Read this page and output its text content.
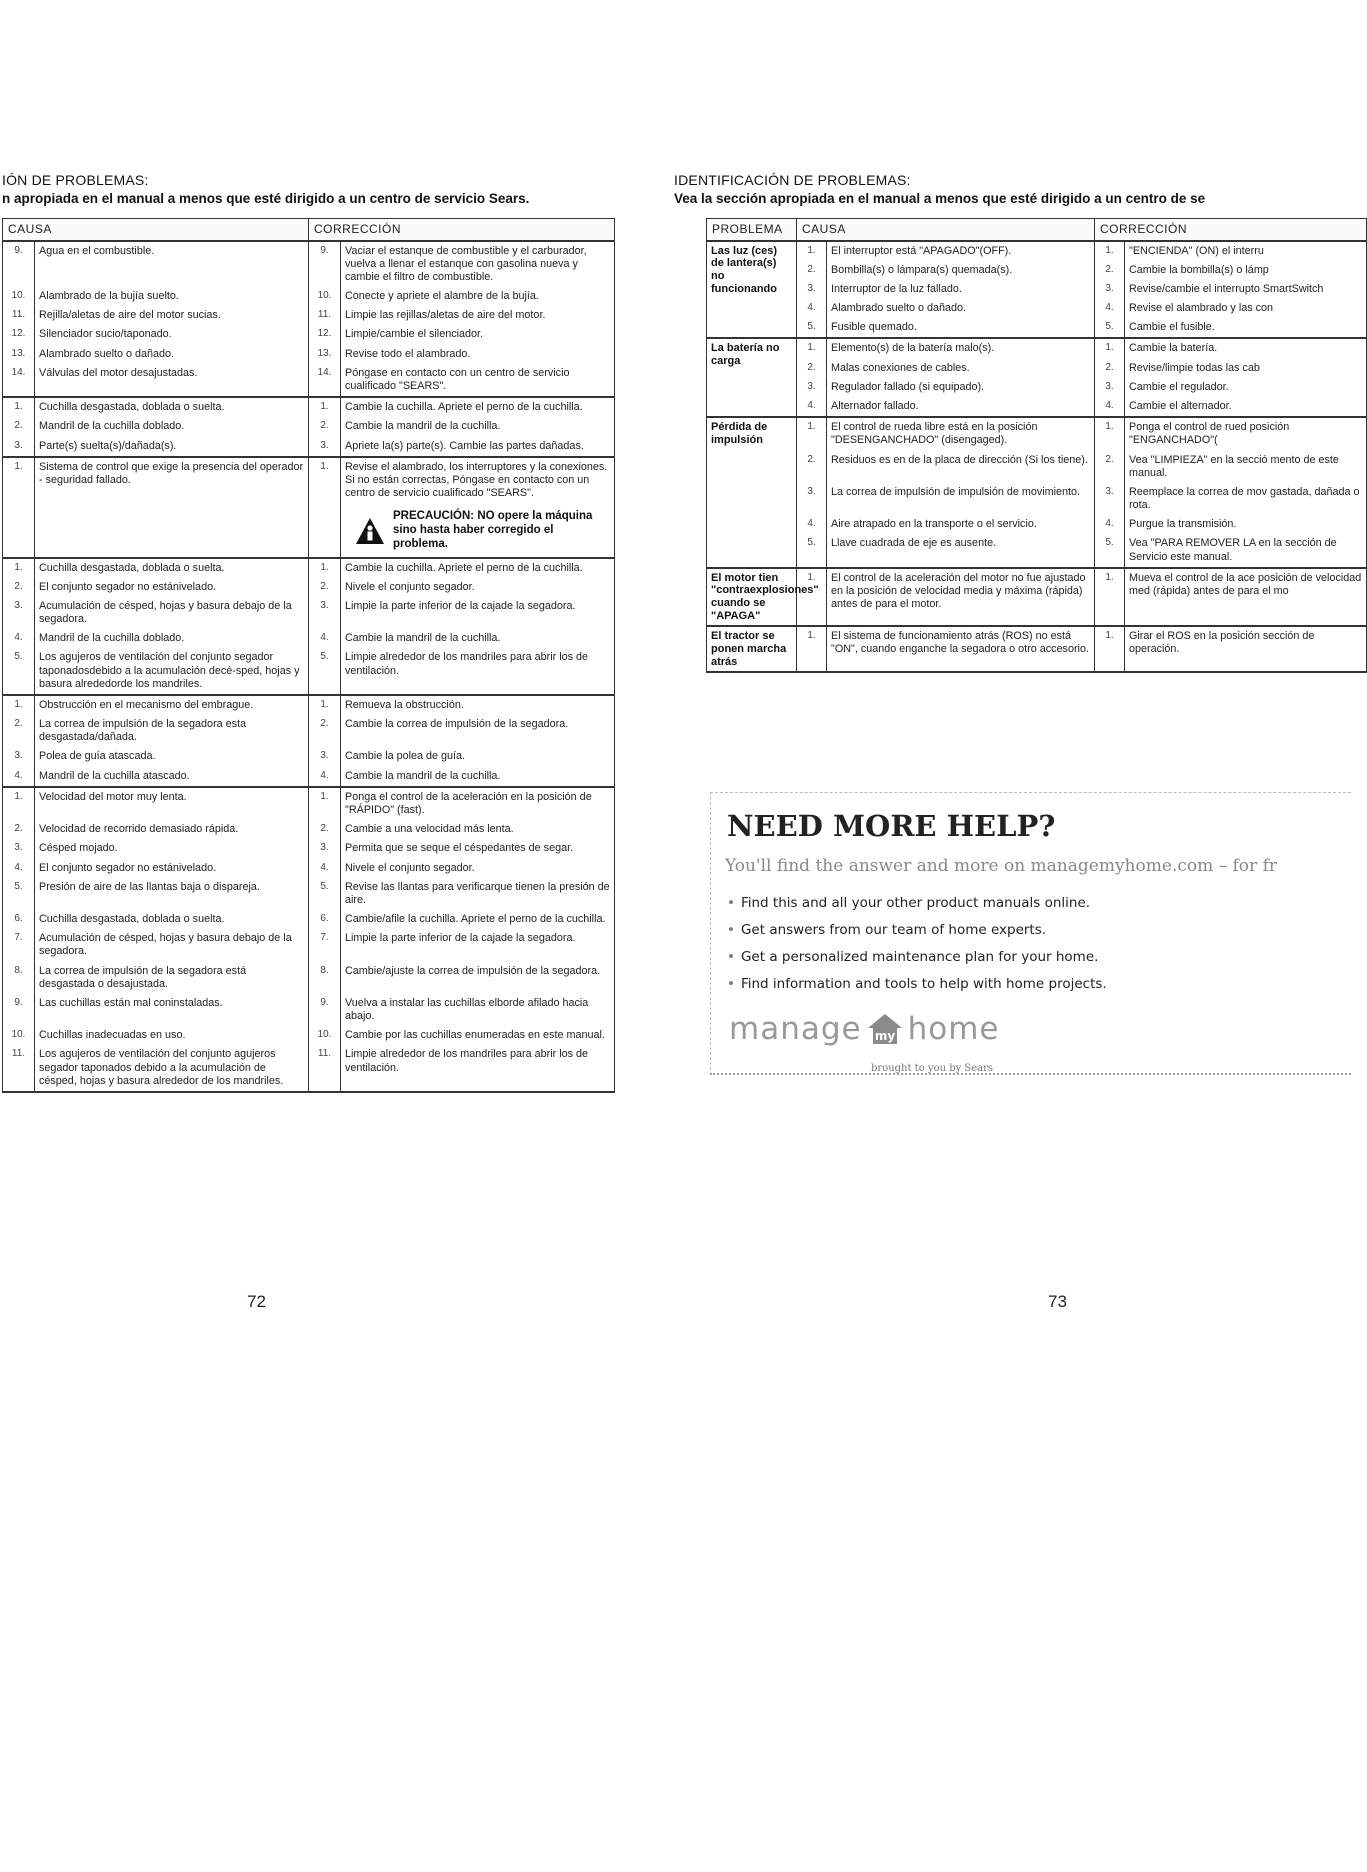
IÓN DE PROBLEMAS:
n apropiada en el manual a menos que esté dirigido a un centro de servicio Sears.
CAUSA		CORRECCIÓN	
9.	Agua en el combustible.	9.	Vaciar el estanque de combustible y el carburador, vuelva a llenar el estanque con gasolina nueva y cambie el filtro de combustible.

10.	Alambrado de la bujía suelto.	10.	Conecte y apriete el alambre de la bujía.

11.	Rejilla/aletas de aire del motor sucias.	11.	Limpie las rejillas/aletas de aire del motor.

12.	Silenciador sucio/taponado.	12.	Limpie/cambie el silenciador.

13.	Alambrado suelto o dañado.	13.	Revise todo el alambrado.

14.	Válvulas del motor desajustadas.	14.	Póngase en contacto con un centro de servicio cualificado "SEARS".

1.	Cuchilla desgastada, doblada o suelta.	1.	Cambie la cuchilla. Apriete el perno de la cuchilla.

2.	Mandril de la cuchilla doblado.	2.	Cambie la mandril de la cuchilla.

3.	Parte(s) suelta(s)/dañada(s).	3.	Apriete la(s) parte(s). Cambie las partes dañadas.

1.	Sistema de control que exige la presencia del operador - seguridad fallado.	1.	Revise el alambrado, los interruptores y la conexiones. Si no están correctas, Póngase en contacto con un centro de servicio cualificado "SEARS".
PRECAUCIÓN: NO opere la máquina sino hasta haber corregido el problema.

1.	Cuchilla desgastada, doblada o suelta.	1.	Cambie la cuchilla. Apriete el perno de la cuchilla.

2.	El conjunto segador no estánivelado.	2.	Nivele el conjunto segador.

3.	Acumulación de césped, hojas y basura debajo de la segadora.	3.	Limpie la parte inferior de la cajade la segadora.

4.	Mandril de la cuchilla doblado.	4.	Cambie la mandril de la cuchilla.

5.	Los agujeros de ventilación del conjunto segador taponadosdebido a la acumulación decé-sped, hojas y basura alrededorde los mandriles.	5.	Limpie alrededor de los mandriles para abrir los de ventilación.

1.	Obstrucción en el mecanismo del embrague.	1.	Remueva la obstrucción.

2.	La correa de impulsión de la segadora esta desgastada/dañada.	2.	Cambie la correa de impulsión de la segadora.

3.	Polea de guía atascada.	3.	Cambie la polea de guía.

4.	Mandril de la cuchilla atascado.	4.	Cambie la mandril de la cuchilla.

1.	Velocidad del motor muy lenta.	1.	Ponga el control de la aceleración en la posición de "RÁPIDO" (fast).

2.	Velocidad de recorrido demasiado rápida.	2.	Cambie a una velocidad más lenta.

3.	Césped mojado.	3.	Permita que se seque el céspedantes de segar.

4.	El conjunto segador no estánivelado.	4.	Nivele el conjunto segador.

5.	Presión de aire de las llantas baja o dispareja.	5.	Revise las llantas para verificarque tienen la presión de aire.

6.	Cuchilla desgastada, doblada o suelta.	6.	Cambie/afile la cuchilla. Apriete el perno de la cuchilla.

7.	Acumulación de césped, hojas y basura debajo de la segadora.	7.	Limpie la parte inferior de la cajade la segadora.

8.	La correa de impulsión de la segadora está desgastada o desajustada.	8.	Cambie/ajuste la correa de impulsión de la segadora.

9.	Las cuchillas están mal coninstaladas.	9.	Vuelva a instalar las cuchillas elborde afilado hacia abajo.

10.	Cuchillas inadecuadas en uso.	10.	Cambie por las cuchillas enumeradas en este manual.

11.	Los agujeros de ventilación del conjunto agujeros segador taponados debido a la acumulación de césped, hojas y basura alrededor de los mandriles.	11.	Limpie alrededor de los mandriles para abrir los de ventilación.
72
IDENTIFICACIÓN DE PROBLEMAS:
Vea la sección apropiada en el manual a menos que esté dirigido a un centro de se
PROBLEMA	CAUSA		CORRECCIÓN	
Las luz (ces) de lantera(s) no funcionando	1.	El interruptor está "APAGADO"(OFF).	1.	"ENCIENDA" (ON) el interru
	2.	Bombilla(s) o lámpara(s) quemada(s).	2.	Cambie la bombilla(s) o lámp
	3.	Interruptor de la luz fallado.	3.	Revise/cambie el interrupto SmartSwitch
	4.	Alambrado suelto o dañado.	4.	Revise el alambrado y las con
	5.	Fusible quemado.	5.	Cambie el fusible.
La batería no carga	1.	Elemento(s) de la batería malo(s).	1.	Cambie la batería.
	2.	Malas conexiones de cables.	2.	Revise/limpie todas las cab
	3.	Regulador fallado (si equipado).	3.	Cambie el regulador.
	4.	Alternador fallado.	4.	Cambie el alternador.
Pérdida de impulsión	1.	El control de rueda libre está en la posición "DESENGANCHADO" (disengaged).	1.	Ponga el control de rued posición "ENGANCHADO"(
	2.	Residuos es en de la placa de dirección (Si los tiene).	2.	Vea "LIMPIEZA" en la secció mento de este manual.
	3.	La correa de impulsión de impulsión de movimiento.	3.	Reemplace la correa de mov gastada, dañada o rota.
	4.	Aire atrapado en la transporte o el servicio.	4.	Purgue la transmisión.
	5.	Llave cuadrada de eje es ausente.	5.	Vea "PARA REMOVER LA en la sección de Servicio este manual.
El motor tien "contraexplosiones" cuando se "APAGA"	1.	El control de la aceleración del motor no fue ajustado en la posición de velocidad media y máxima (rápida) antes de para el motor.	1.	Mueva el control de la ace posición de velocidad med (rápida) antes de para el mo
El tractor se ponen marcha atrás	1.	El sistema de funcionamiento atrás (ROS) no está "ON", cuando enganche la segadora o otro accesorio.	1.	Girar el ROS en la posición sección de operación.
NEED MORE HELP?
You'll find the answer and more on managemyhome.com – for fr
• Find this and all your other product manuals online.
• Get answers from our team of home experts.
• Get a personalized maintenance plan for your home.
• Find information and tools to help with home projects.
manage my home
brought to you by Sears
73
